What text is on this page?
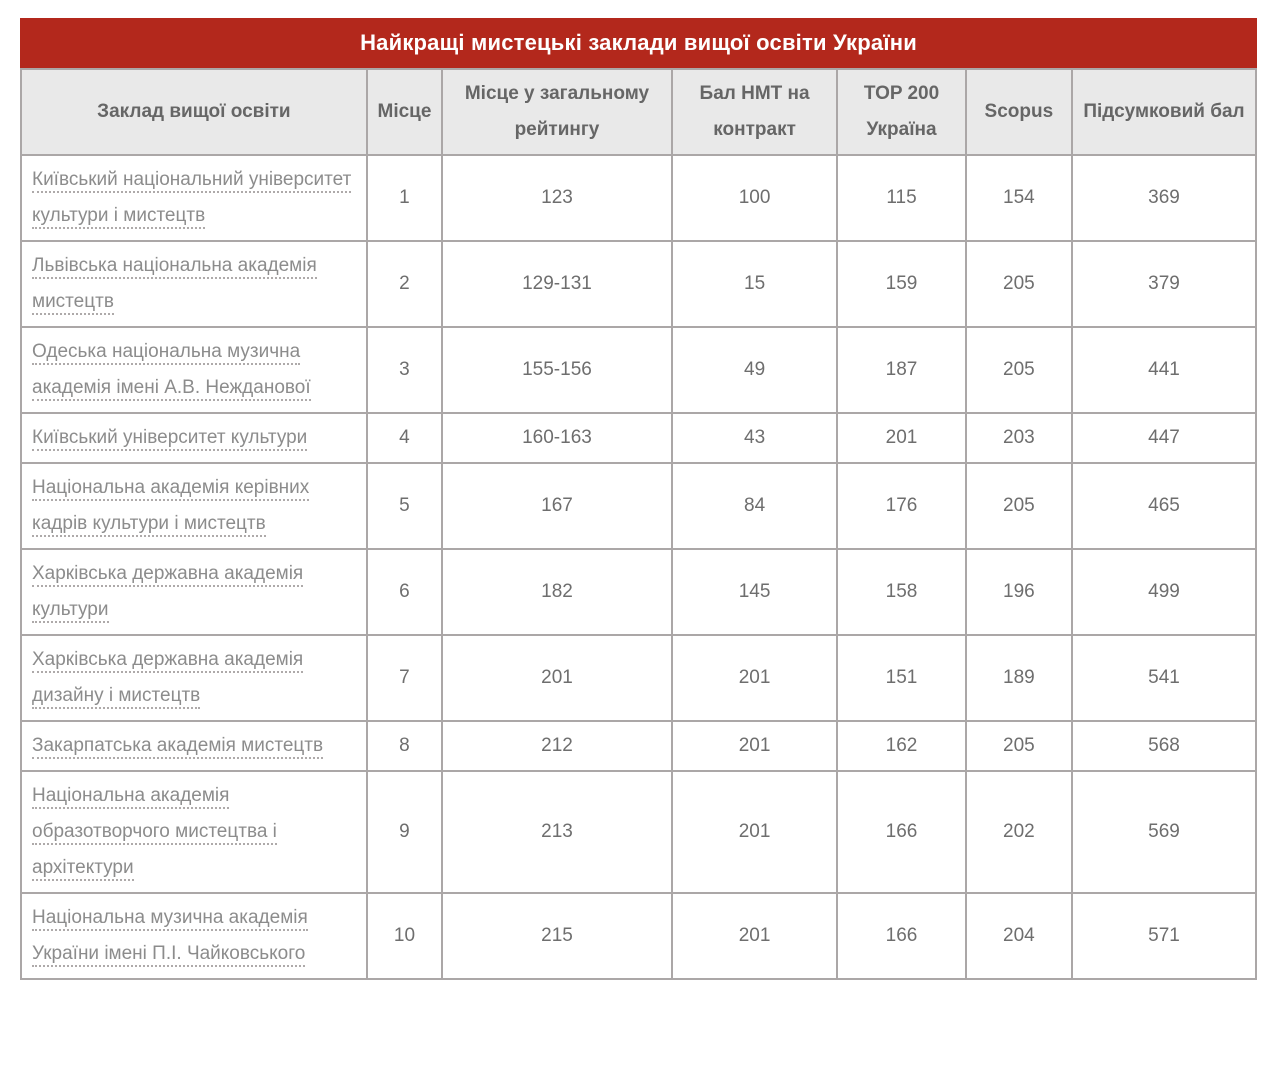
Найкращі мистецькі заклади вищої освіти України
Заклад вищої освіти	Місце	Місце у загальному рейтингу	Бал НМТ на контракт	TOP 200 Україна	Scopus	Підсумковий бал
Київський національний університет культури і мистецтв	1	123	100	115	154	369
Львівська національна академія мистецтв	2	129-131	15	159	205	379
Одеська національна музична академія імені А.В. Нежданової	3	155-156	49	187	205	441
Київський університет культури	4	160-163	43	201	203	447
Національна академія керівних кадрів культури і мистецтв	5	167	84	176	205	465
Харківська державна академія культури	6	182	145	158	196	499
Харківська державна академія дизайну і мистецтв	7	201	201	151	189	541
Закарпатська академія мистецтв	8	212	201	162	205	568
Національна академія образотворчого мистецтва і архітектури	9	213	201	166	202	569
Національна музична академія України імені П.І. Чайковського	10	215	201	166	204	571
